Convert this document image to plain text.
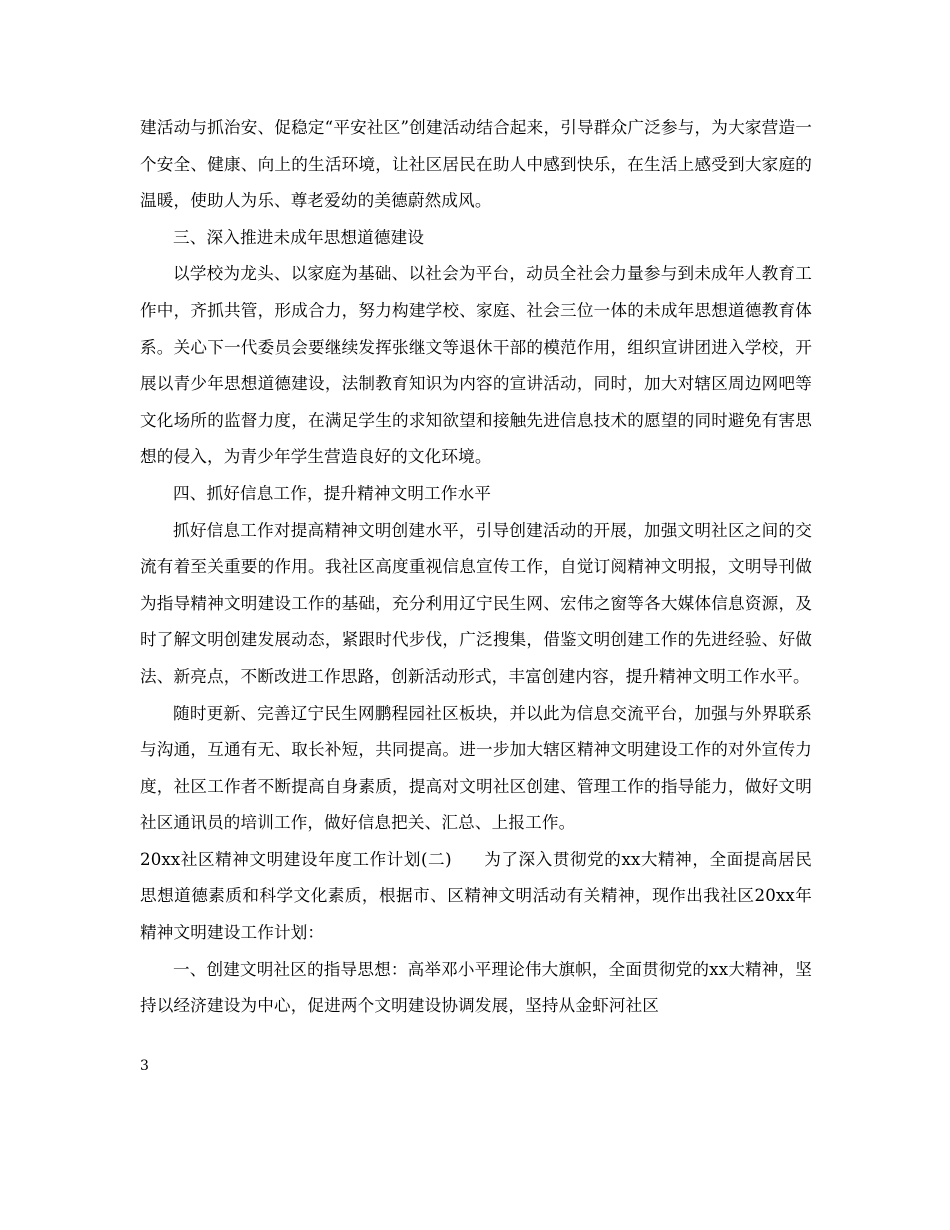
建活动与抓治安、促稳定“平安社区”创建活动结合起来，引导群众广泛参与，为大家营造一个安全、健康、向上的生活环境，让社区居民在助人中感到快乐，在生活上感受到大家庭的温暖，使助人为乐、尊老爱幼的美德蔚然成风。

三、深入推进未成年思想道德建设

以学校为龙头、以家庭为基础、以社会为平台，动员全社会力量参与到未成年人教育工作中，齐抓共管，形成合力，努力构建学校、家庭、社会三位一体的未成年思想道德教育体系。关心下一代委员会要继续发挥张继文等退休干部的模范作用，组织宣讲团进入学校，开展以青少年思想道德建设，法制教育知识为内容的宣讲活动，同时，加大对辖区周边网吧等文化场所的监督力度，在满足学生的求知欲望和接触先进信息技术的愿望的同时避免有害思想的侵入，为青少年学生营造良好的文化环境。

四、抓好信息工作，提升精神文明工作水平

抓好信息工作对提高精神文明创建水平，引导创建活动的开展，加强文明社区之间的交流有着至关重要的作用。我社区高度重视信息宣传工作，自觉订阅精神文明报，文明导刊做为指导精神文明建设工作的基础，充分利用辽宁民生网、宏伟之窗等各大媒体信息资源，及时了解文明创建发展动态，紧跟时代步伐，广泛搜集，借鉴文明创建工作的先进经验、好做法、新亮点，不断改进工作思路，创新活动形式，丰富创建内容，提升精神文明工作水平。

随时更新、完善辽宁民生网鹏程园社区板块，并以此为信息交流平台，加强与外界联系与沟通，互通有无、取长补短，共同提高。进一步加大辖区精神文明建设工作的对外宣传力度，社区工作者不断提高自身素质，提高对文明社区创建、管理工作的指导能力，做好文明社区通讯员的培训工作，做好信息把关、汇总、上报工作。

20xx社区精神文明建设年度工作计划(二) 为了深入贯彻党的xx大精神，全面提高居民思想道德素质和科学文化素质，根据市、区精神文明活动有关精神，现作出我社区20xx年精神文明建设工作计划：

一、创建文明社区的指导思想：高举邓小平理论伟大旗帜，全面贯彻党的xx大精神，坚持以经济建设为中心，促进两个文明建设协调发展，坚持从金虾河社区

3
